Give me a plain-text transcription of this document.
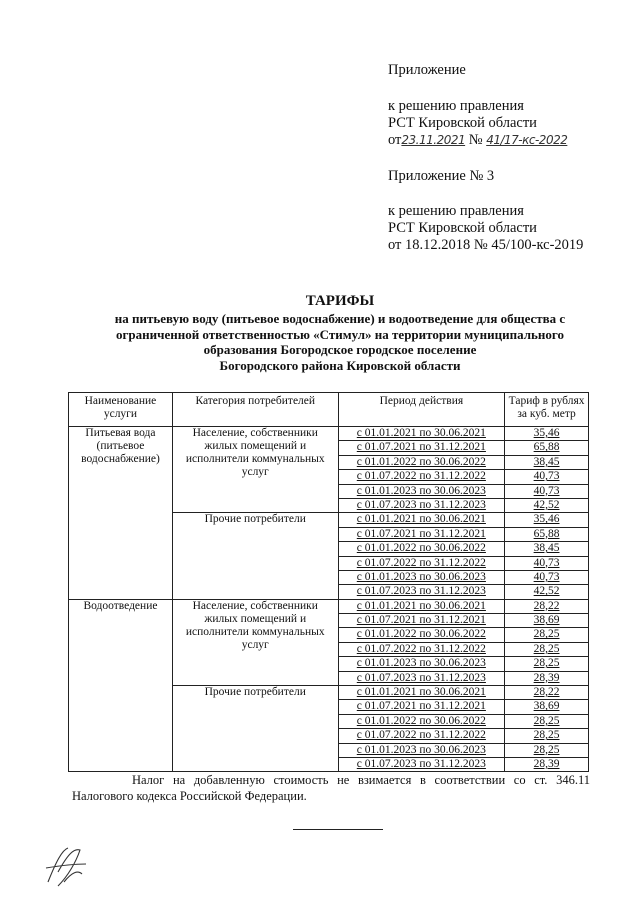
Приложение
к решению правления
РСТ Кировской области
от23.11.2021 № 41/17-кс-2022
Приложение № 3
к решению правления
РСТ Кировской области
от 18.12.2018 № 45/100-кс-2019
ТАРИФЫ
на питьевую воду (питьевое водоснабжение) и водоотведение для общества с
ограниченной ответственностью «Стимул» на территории муниципального
образования Богородское городское поселение
Богородского района Кировской области
Наименование услуги	Категория потребителей	Период действия	Тариф в рублях за куб. метр
Питьевая вода (питьевое водоснабжение)	Население, собственники жилых помещений и исполнители коммунальных услуг	с 01.01.2021 по 30.06.2021	35,46
		с 01.07.2021 по 31.12.2021	65,88
		с 01.01.2022 по 30.06.2022	38,45
		с 01.07.2022 по 31.12.2022	40,73
		с 01.01.2023 по 30.06.2023	40,73
		с 01.07.2023 по 31.12.2023	42,52
	Прочие потребители	с 01.01.2021 по 30.06.2021	35,46
		с 01.07.2021 по 31.12.2021	65,88
		с 01.01.2022 по 30.06.2022	38,45
		с 01.07.2022 по 31.12.2022	40,73
		с 01.01.2023 по 30.06.2023	40,73
		с 01.07.2023 по 31.12.2023	42,52
Водоотведение	Население, собственники жилых помещений и исполнители коммунальных услуг	с 01.01.2021 по 30.06.2021	28,22
		с 01.07.2021 по 31.12.2021	38,69
		с 01.01.2022 по 30.06.2022	28,25
		с 01.07.2022 по 31.12.2022	28,25
		с 01.01.2023 по 30.06.2023	28,25
		с 01.07.2023 по 31.12.2023	28,39
	Прочие потребители	с 01.01.2021 по 30.06.2021	28,22
		с 01.07.2021 по 31.12.2021	38,69
		с 01.01.2022 по 30.06.2022	28,25
		с 01.07.2022 по 31.12.2022	28,25
		с 01.01.2023 по 30.06.2023	28,25
		с 01.07.2023 по 31.12.2023	28,39
Налог на добавленную стоимость не взимается в соответствии со ст. 346.11 Налогового кодекса Российской Федерации.
